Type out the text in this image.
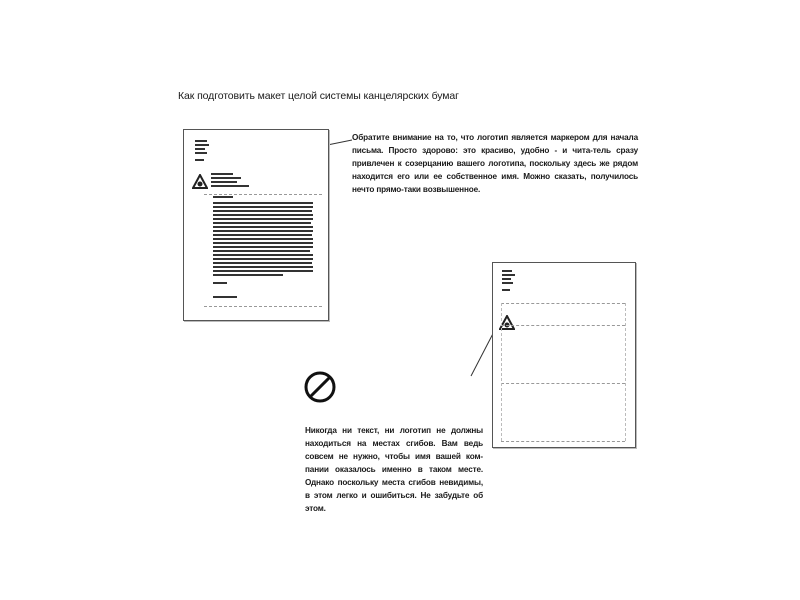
Как подготовить макет целой системы канцелярских бумаг

Обратите внимание на то, что логотип является маркером для начала письма. Просто здорово: это красиво, удобно - и чита-тель сразу привлечен к созерцанию вашего логотипа, поскольку здесь же рядом находится его или ее собственное имя. Можно сказать, получилось нечто прямо-таки возвышенное.

Никогда ни текст, ни логотип не должны находиться на местах сгибов. Вам ведь совсем не нужно, чтобы имя вашей ком-пании оказалось именно в таком месте. Однако поскольку места сгибов невидимы, в этом легко и ошибиться. Не забудьте об этом.
